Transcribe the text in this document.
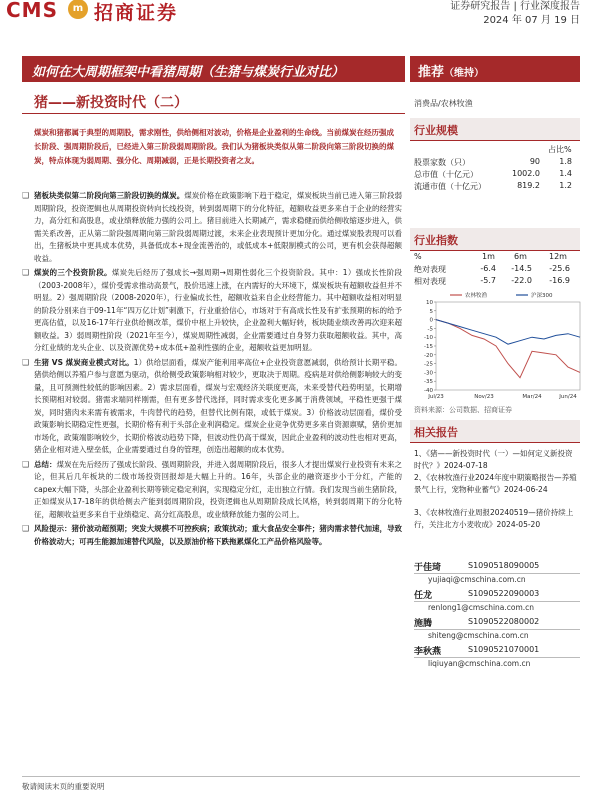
CMS	m 招商证券	证券研究报告 | 行业深度报告
2024 年 07 月 19 日
如何在大周期框架中看猪周期（生猪与煤炭行业对比）	推荐（维持）
猪——新投资时代（二）	消费品/农林牧渔
煤炭和猪都属于典型的周期股，需求刚性，供给侧相对波动，价格是企业盈利的生命线。当前煤炭在经历强成长阶段、强周期阶段后，已经进入第三阶段弱周期阶段。我们认为猪板块类似从第二阶段向第三阶段切换的煤炭，特点体现为弱周期、强分化、周期减弱，正是长期投资者之友。

❑ 猪板块类似第二阶段向第三阶段切换的煤炭。煤炭价格在政策影响下趋于稳定，煤炭板块当前已进入第三阶段弱周期阶段，投资逻辑也从周期投资转向长线投资，转到弱周期下的分化特征，超额收益更多来自于企业的经营实力，高分红和高股息，或业绩释放能力强的公司上。猪目前进入长期减产，需求稳健而供给侧收缩逐步进入，供需关系改善，正从第二阶段强周期向第三阶段弱周期过渡，未来企业表现预计更加分化。通过煤炭股表现可以看出，生猪板块中更具成本优势，具备低成本+现金流善治的，或低成本+低限制模式的公司，更有机会获得超额收益。

❑ 煤炭的三个投资阶段。煤炭先后经历了强成长→强周期→周期性弱化三个投资阶段。其中：1）强成长性阶段（2003-2008年），煤价受需求推动高景气，股价迅速上涨，在内需好的大环境下，煤炭板块有超额收益但并不明显。2）强周期阶段（2008-2020年），行业偏成长性，超额收益来自企业经营能力。其中超额收益相对明显的阶段分别来自于09-11年“四万亿计划”刺激下，行业重拾信心，市场对于有高成长性及有扩张预期的标的给予更高估值，以及16-17年行业供给侧改革，煤价中枢上升较快，企业盈利大幅好转，板块随业绩改善再次迎来超额收益。3）弱周期性阶段（2021年至今），煤炭周期性减弱，企业需要通过自身努力获取超额收益。其中，高分红业绩的龙头企业、以及资源优势+成本低+盈利性强的企业，超额收益更加明显。

❑ 生猪 VS 煤炭商业模式对比。1）供给层面看，煤炭产能利用率高位+企业投资意愿减弱，供给预计长期平稳。猪供给侧以养殖户参与意愿为驱动，供给侧受政策影响相对较少，更取决于周期。疫病是对供给侧影响较大的变量，且可预测性较低的影响因素。2）需求层面看，煤炭与宏观经济关联度更高，未来受替代趋势明显，长期增长预期相对较弱。猪需求端同样刚需，但有更多替代选择，同时需求变化更多属于消费领域，平稳性更强于煤炭，同时猪肉未来需有被需求，牛肉替代的趋势，但替代比例有限，或低于煤炭。3）价格波动层面看，煤价受政策影响长期稳定性更强，长期价格有利于头部企业利润稳定。煤炭企业竞争优势更多来自资源禀赋，猪价更加市场化，政策端影响较少，长期价格波动趋势下降，但波动性仍高于煤炭，因此企业盈利的波动性也相对更高，猪企业相对进入壁垒低，企业需要通过自身的管理，创造出超额的成本优势。

❑ 总结：煤炭在先后经历了强成长阶段、强周期阶段，并进入弱周期阶段后，很多人才提出煤炭行业投资有未来之论，但其后几年板块的二级市场投资回报却是大幅上升的。16年，头部企业的融资逐步小于分红，产能的capex大幅下降，头部企业盈利长期等锁定稳定利润，实现稳定分红，走出独立行情。我们发现当前生猪阶段，正如煤炭从17-18年的供给侧去产能到弱周期阶段，投资逻辑也从周期阶段成长风格，转到弱周期下的分化特征，超额收益更多来自于业绩稳定、高分红高股息，或业绩释放能力强的公司上。

❑ 风险提示：猪价波动超预期；突发大规模不可控疾病；政策扰动；重大食品安全事件；猪肉需求替代加速，导致价格波动大；可再生能源加速替代风险，以及原油价格下跌拖累煤化工产品价格风险等。

行业规模
占比%
股票家数（只）	90	1.8
总市值（十亿元）	1002.0	1.4
流通市值（十亿元）	819.2	1.2
行业指数
%	1m 6m	12m
绝对表现	-6.4	-14.5	-25.6
相对表现	-5.7	-22.0	-16.9
10
5
0
-5
-10
-15
-20
-25
-30
-35
-40
Jul/23	Nov/23	Mar/24	Jun/24
农林牧渔	沪深300
资料来源：公司数据、招商证券
相关报告
1、《猪——新投资时代（一）—如何定义新投资时代？》2024-07-18
2、《农林牧渔行业2024年度中期策略报告—养殖景气上行，宠物种业蓄气》2024-06-24
3、《农林牧渔行业周报20240519—猪价持续上行，关注北方小麦收成》2024-05-20
于佳琦	S1090518090005
yujiaqi@cmschina.com.cn
任龙	S1090522090003
renlong1@cmschina.com.cn
施腾	S1090522080002
shiteng@cmschina.com.cn
李秋燕	S1090521070001
liqiuyan@cmschina.com.cn
敬请阅读末页的重要说明
